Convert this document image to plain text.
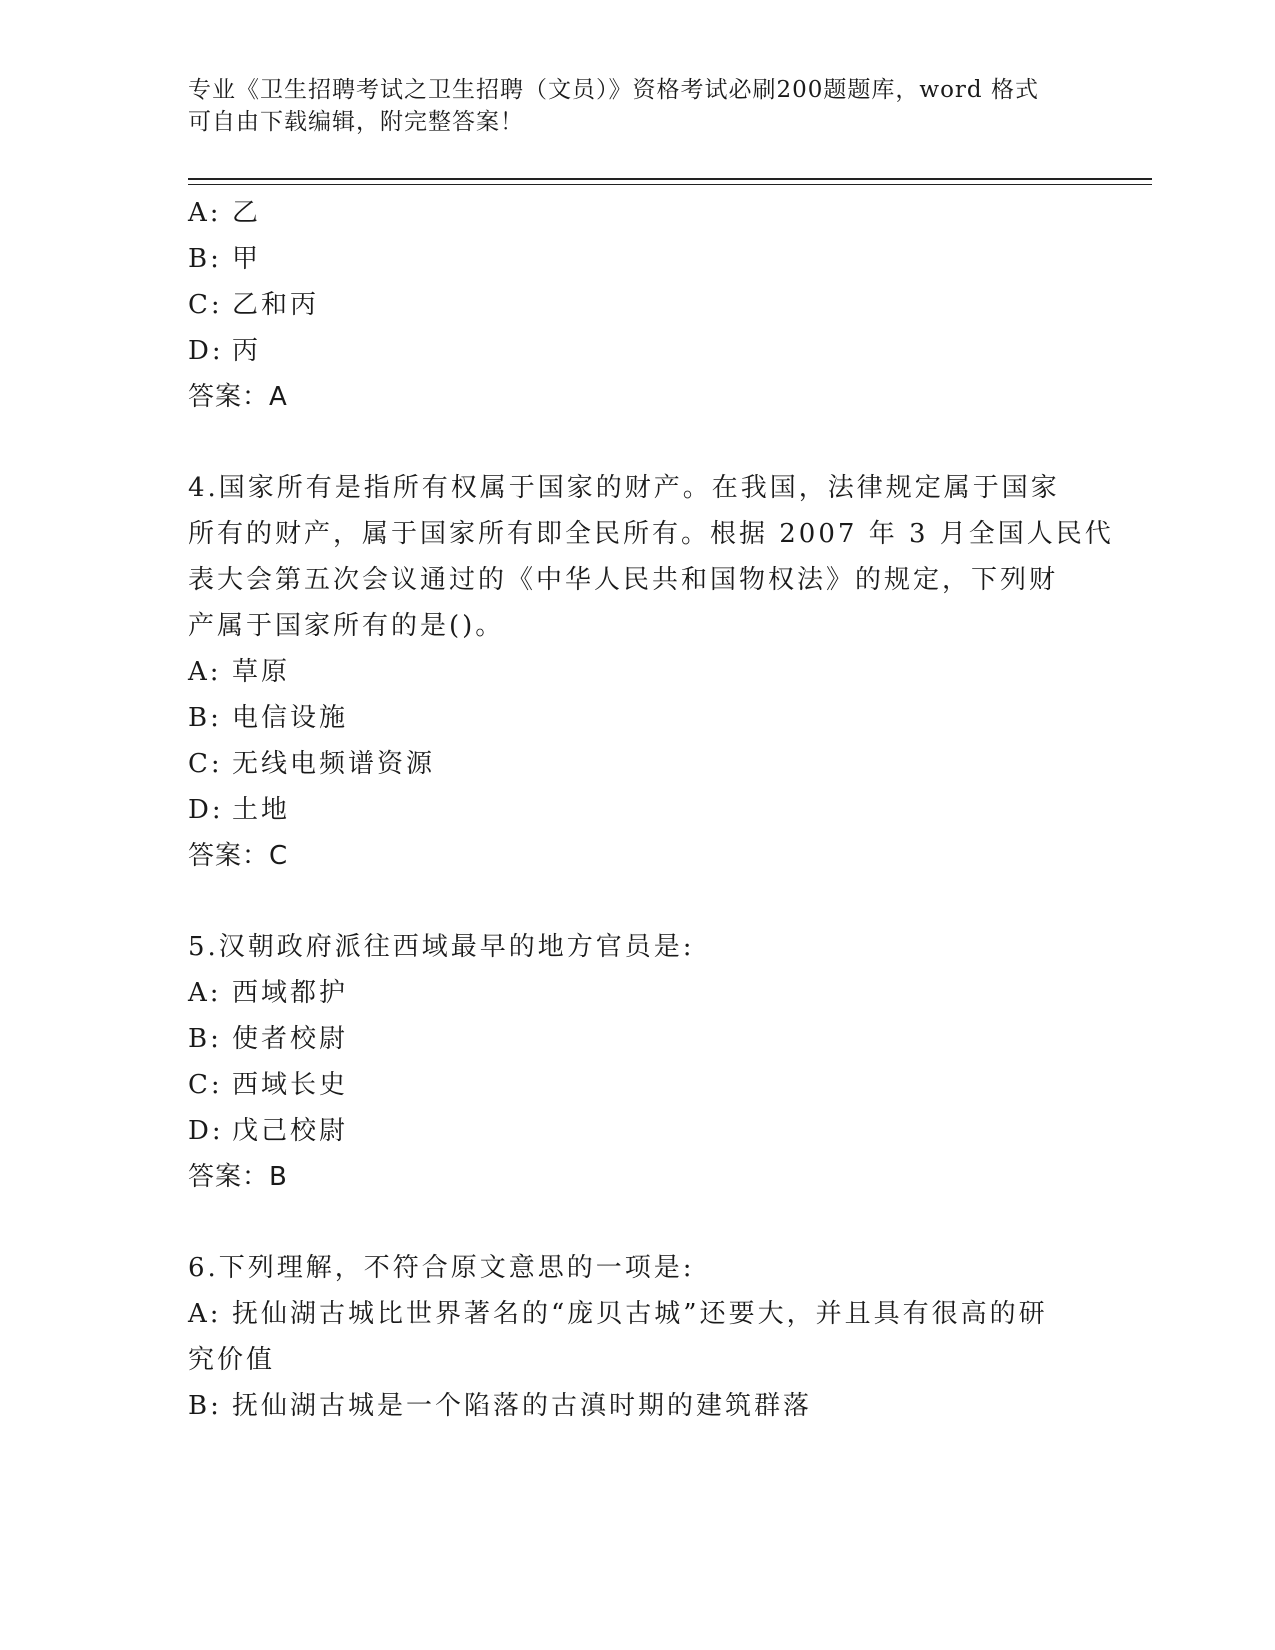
专业《卫生招聘考试之卫生招聘（文员）》资格考试必刷200题题库，word 格式
可自由下载编辑，附完整答案！
A: 乙
B: 甲
C: 乙和丙
D: 丙
答案：A
4.国家所有是指所有权属于国家的财产。在我国，法律规定属于国家
所有的财产，属于国家所有即全民所有。根据 2007 年 3 月全国人民代
表大会第五次会议通过的《中华人民共和国物权法》的规定，下列财
产属于国家所有的是()。
A: 草原
B: 电信设施
C: 无线电频谱资源
D: 土地
答案：C
5.汉朝政府派往西域最早的地方官员是:
A: 西域都护
B: 使者校尉
C: 西域长史
D: 戊己校尉
答案：B
6.下列理解，不符合原文意思的一项是:
A: 抚仙湖古城比世界著名的“庞贝古城”还要大，并且具有很高的研
究价值
B: 抚仙湖古城是一个陷落的古滇时期的建筑群落
